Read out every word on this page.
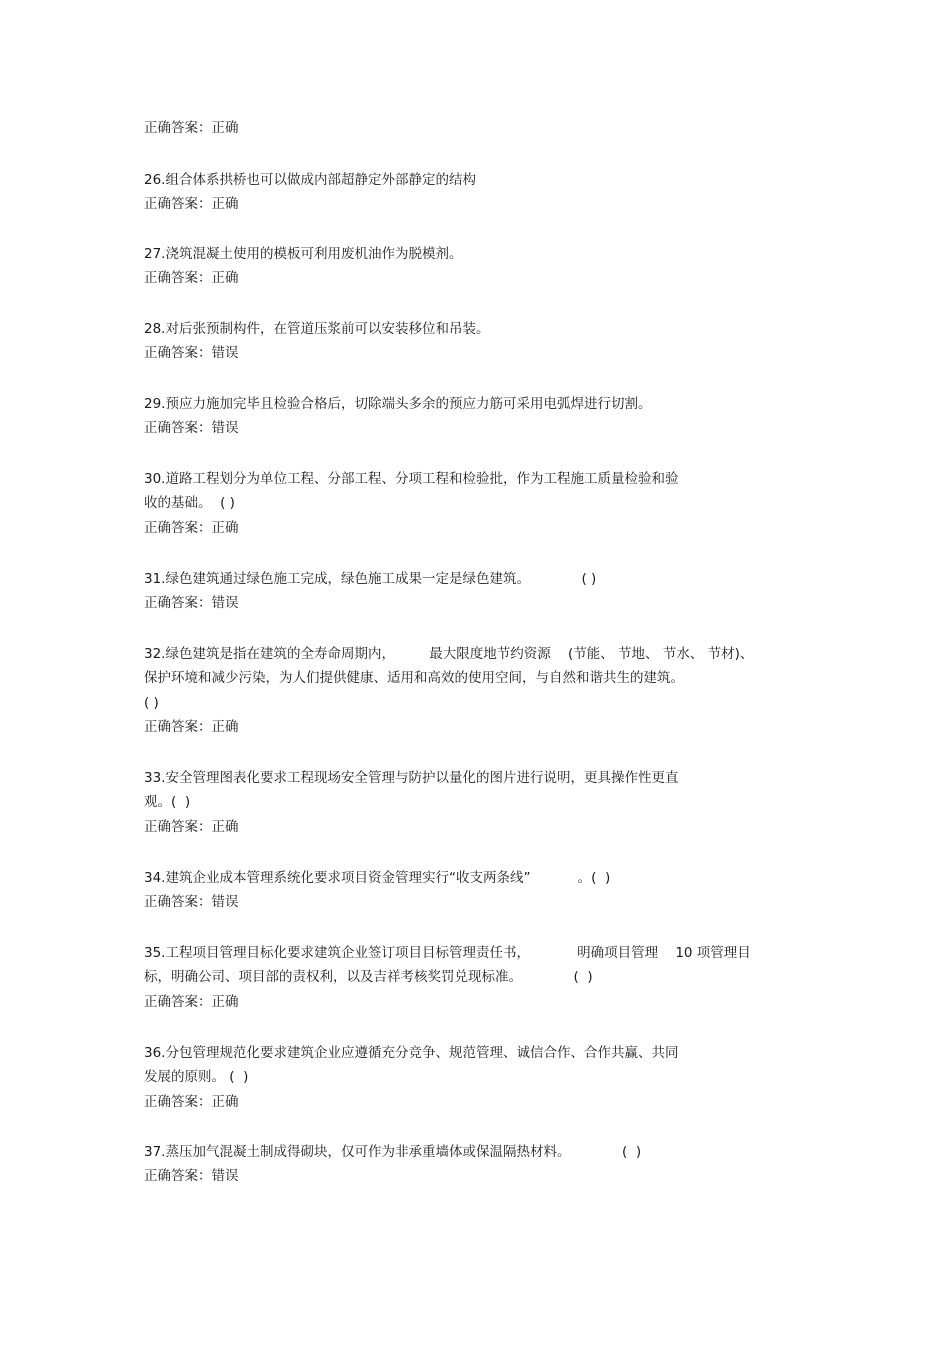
正确答案：正确
26.组合体系拱桥也可以做成内部超静定外部静定的结构
正确答案：正确
27.浇筑混凝土使用的模板可利用废机油作为脱模剂。
正确答案：正确
28.对后张预制构件，在管道压浆前可以安装移位和吊装。
正确答案：错误
29.预应力施加完毕且检验合格后，切除端头多余的预应力筋可采用电弧焊进行切割。
正确答案：错误
30.道路工程划分为单位工程、分部工程、分项工程和检验批，作为工程施工质量检验和验
收的基础。  ( )
正确答案：正确
31.绿色建筑通过绿色施工完成，绿色施工成果一定是绿色建筑。            ( )
正确答案：错误
32.绿色建筑是指在建筑的全寿命周期内，        最大限度地节约资源    (节能、 节地、 节水、 节材)、
保护环境和减少污染，为人们提供健康、适用和高效的使用空间，与自然和谐共生的建筑。
( )
正确答案：正确
33.安全管理图表化要求工程现场安全管理与防护以量化的图片进行说明，更具操作性更直
观。(  )
正确答案：正确
34.建筑企业成本管理系统化要求项目资金管理实行“收支两条线”           。(  )
正确答案：错误
35.工程项目管理目标化要求建筑企业签订项目目标管理责任书，           明确项目管理    10 项管理目
标，明确公司、项目部的责权利，以及吉祥考核奖罚兑现标准。            (  )
正确答案：正确
36.分包管理规范化要求建筑企业应遵循充分竞争、规范管理、诚信合作、合作共赢、共同
发展的原则。 (  )
正确答案：正确
37.蒸压加气混凝土制成得砌块，仅可作为非承重墙体或保温隔热材料。            (  )
正确答案：错误
